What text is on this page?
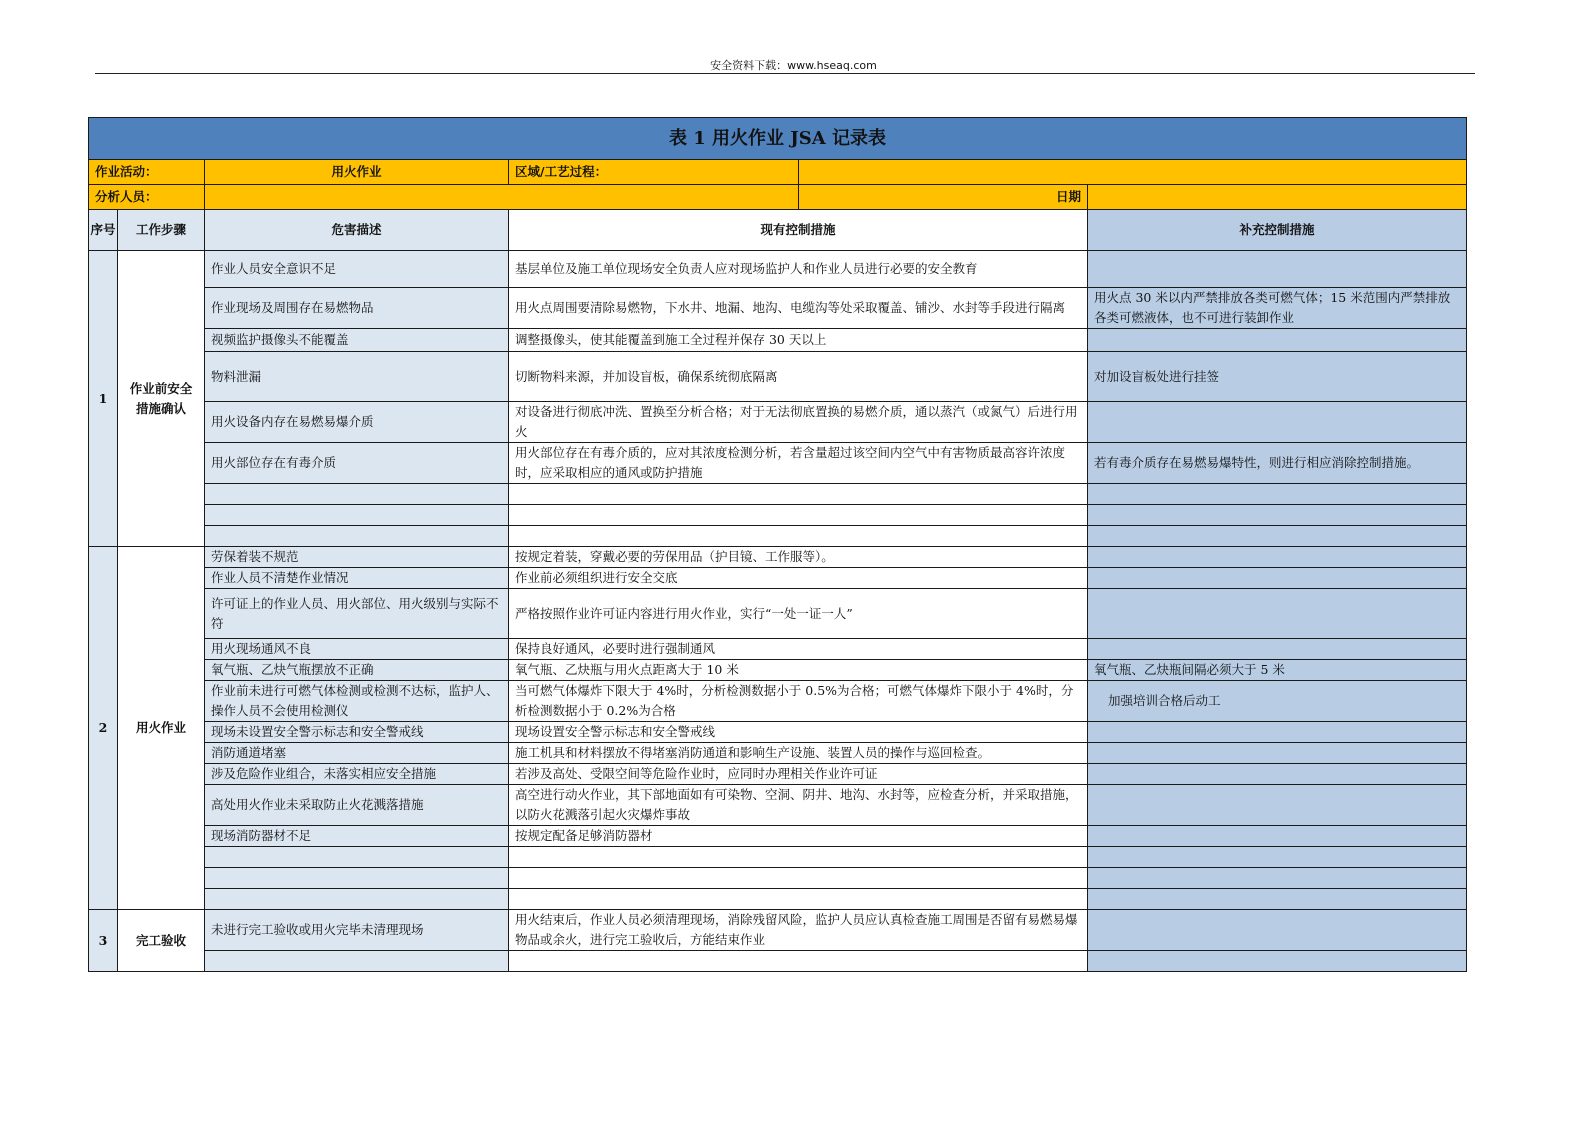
安全资料下载：www.hseaq.com
表 1 用火作业 JSA 记录表					
作业活动：		用火作业	区域/工艺过程：		
分析人员：				日期	
序号	工作步骤	危害描述	现有控制措施		补充控制措施
1	作业前安全措施确认	作业人员安全意识不足	基层单位及施工单位现场安全负责人应对现场监护人和作业人员进行必要的安全教育		
		作业现场及周围存在易燃物品	用火点周围要清除易燃物，下水井、地漏、地沟、电缆沟等处采取覆盖、铺沙、水封等手段进行隔离		用火点 30 米以内严禁排放各类可燃气体；15 米范围内严禁排放各类可燃液体，也不可进行装卸作业
		视频监护摄像头不能覆盖	调整摄像头，使其能覆盖到施工全过程并保存 30 天以上		
		物料泄漏	切断物料来源，并加设盲板，确保系统彻底隔离		对加设盲板处进行挂签
		用火设备内存在易燃易爆介质	对设备进行彻底冲洗、置换至分析合格；对于无法彻底置换的易燃介质，通以蒸汽（或氮气）后进行用火		
		用火部位存在有毒介质	用火部位存在有毒介质的，应对其浓度检测分析，若含量超过该空间内空气中有害物质最高容许浓度时，应采取相应的通风或防护措施		若有毒介质存在易燃易爆特性，则进行相应消除控制措施。

2	用火作业	劳保着装不规范	按规定着装，穿戴必要的劳保用品（护目镜、工作服等）。		
		作业人员不清楚作业情况	作业前必须组织进行安全交底		
		许可证上的作业人员、用火部位、用火级别与实际不符	严格按照作业许可证内容进行用火作业，实行“一处一证一人”		
		用火现场通风不良	保持良好通风，必要时进行强制通风		
		氧气瓶、乙炔气瓶摆放不正确	氧气瓶、乙炔瓶与用火点距离大于 10 米		氧气瓶、乙炔瓶间隔必须大于 5 米
		作业前未进行可燃气体检测或检测不达标，监护人、操作人员不会使用检测仪	当可燃气体爆炸下限大于 4%时，分析检测数据小于 0.5%为合格；可燃气体爆炸下限小于 4%时，分析检测数据小于 0.2%为合格		加强培训合格后动工
		现场未设置安全警示标志和安全警戒线	现场设置安全警示标志和安全警戒线		
		消防通道堵塞	施工机具和材料摆放不得堵塞消防通道和影响生产设施、装置人员的操作与巡回检查。		
		涉及危险作业组合，未落实相应安全措施	若涉及高处、受限空间等危险作业时，应同时办理相关作业许可证		
		高处用火作业未采取防止火花溅落措施	高空进行动火作业，其下部地面如有可染物、空洞、阴井、地沟、水封等，应检查分析，并采取措施，以防火花溅落引起火灾爆炸事故		
		现场消防器材不足	按规定配备足够消防器材		

3	完工验收	未进行完工验收或用火完毕未清理现场	用火结束后，作业人员必须清理现场，消除残留风险，监护人员应认真检查施工周围是否留有易燃易爆物品或余火，进行完工验收后，方能结束作业		
